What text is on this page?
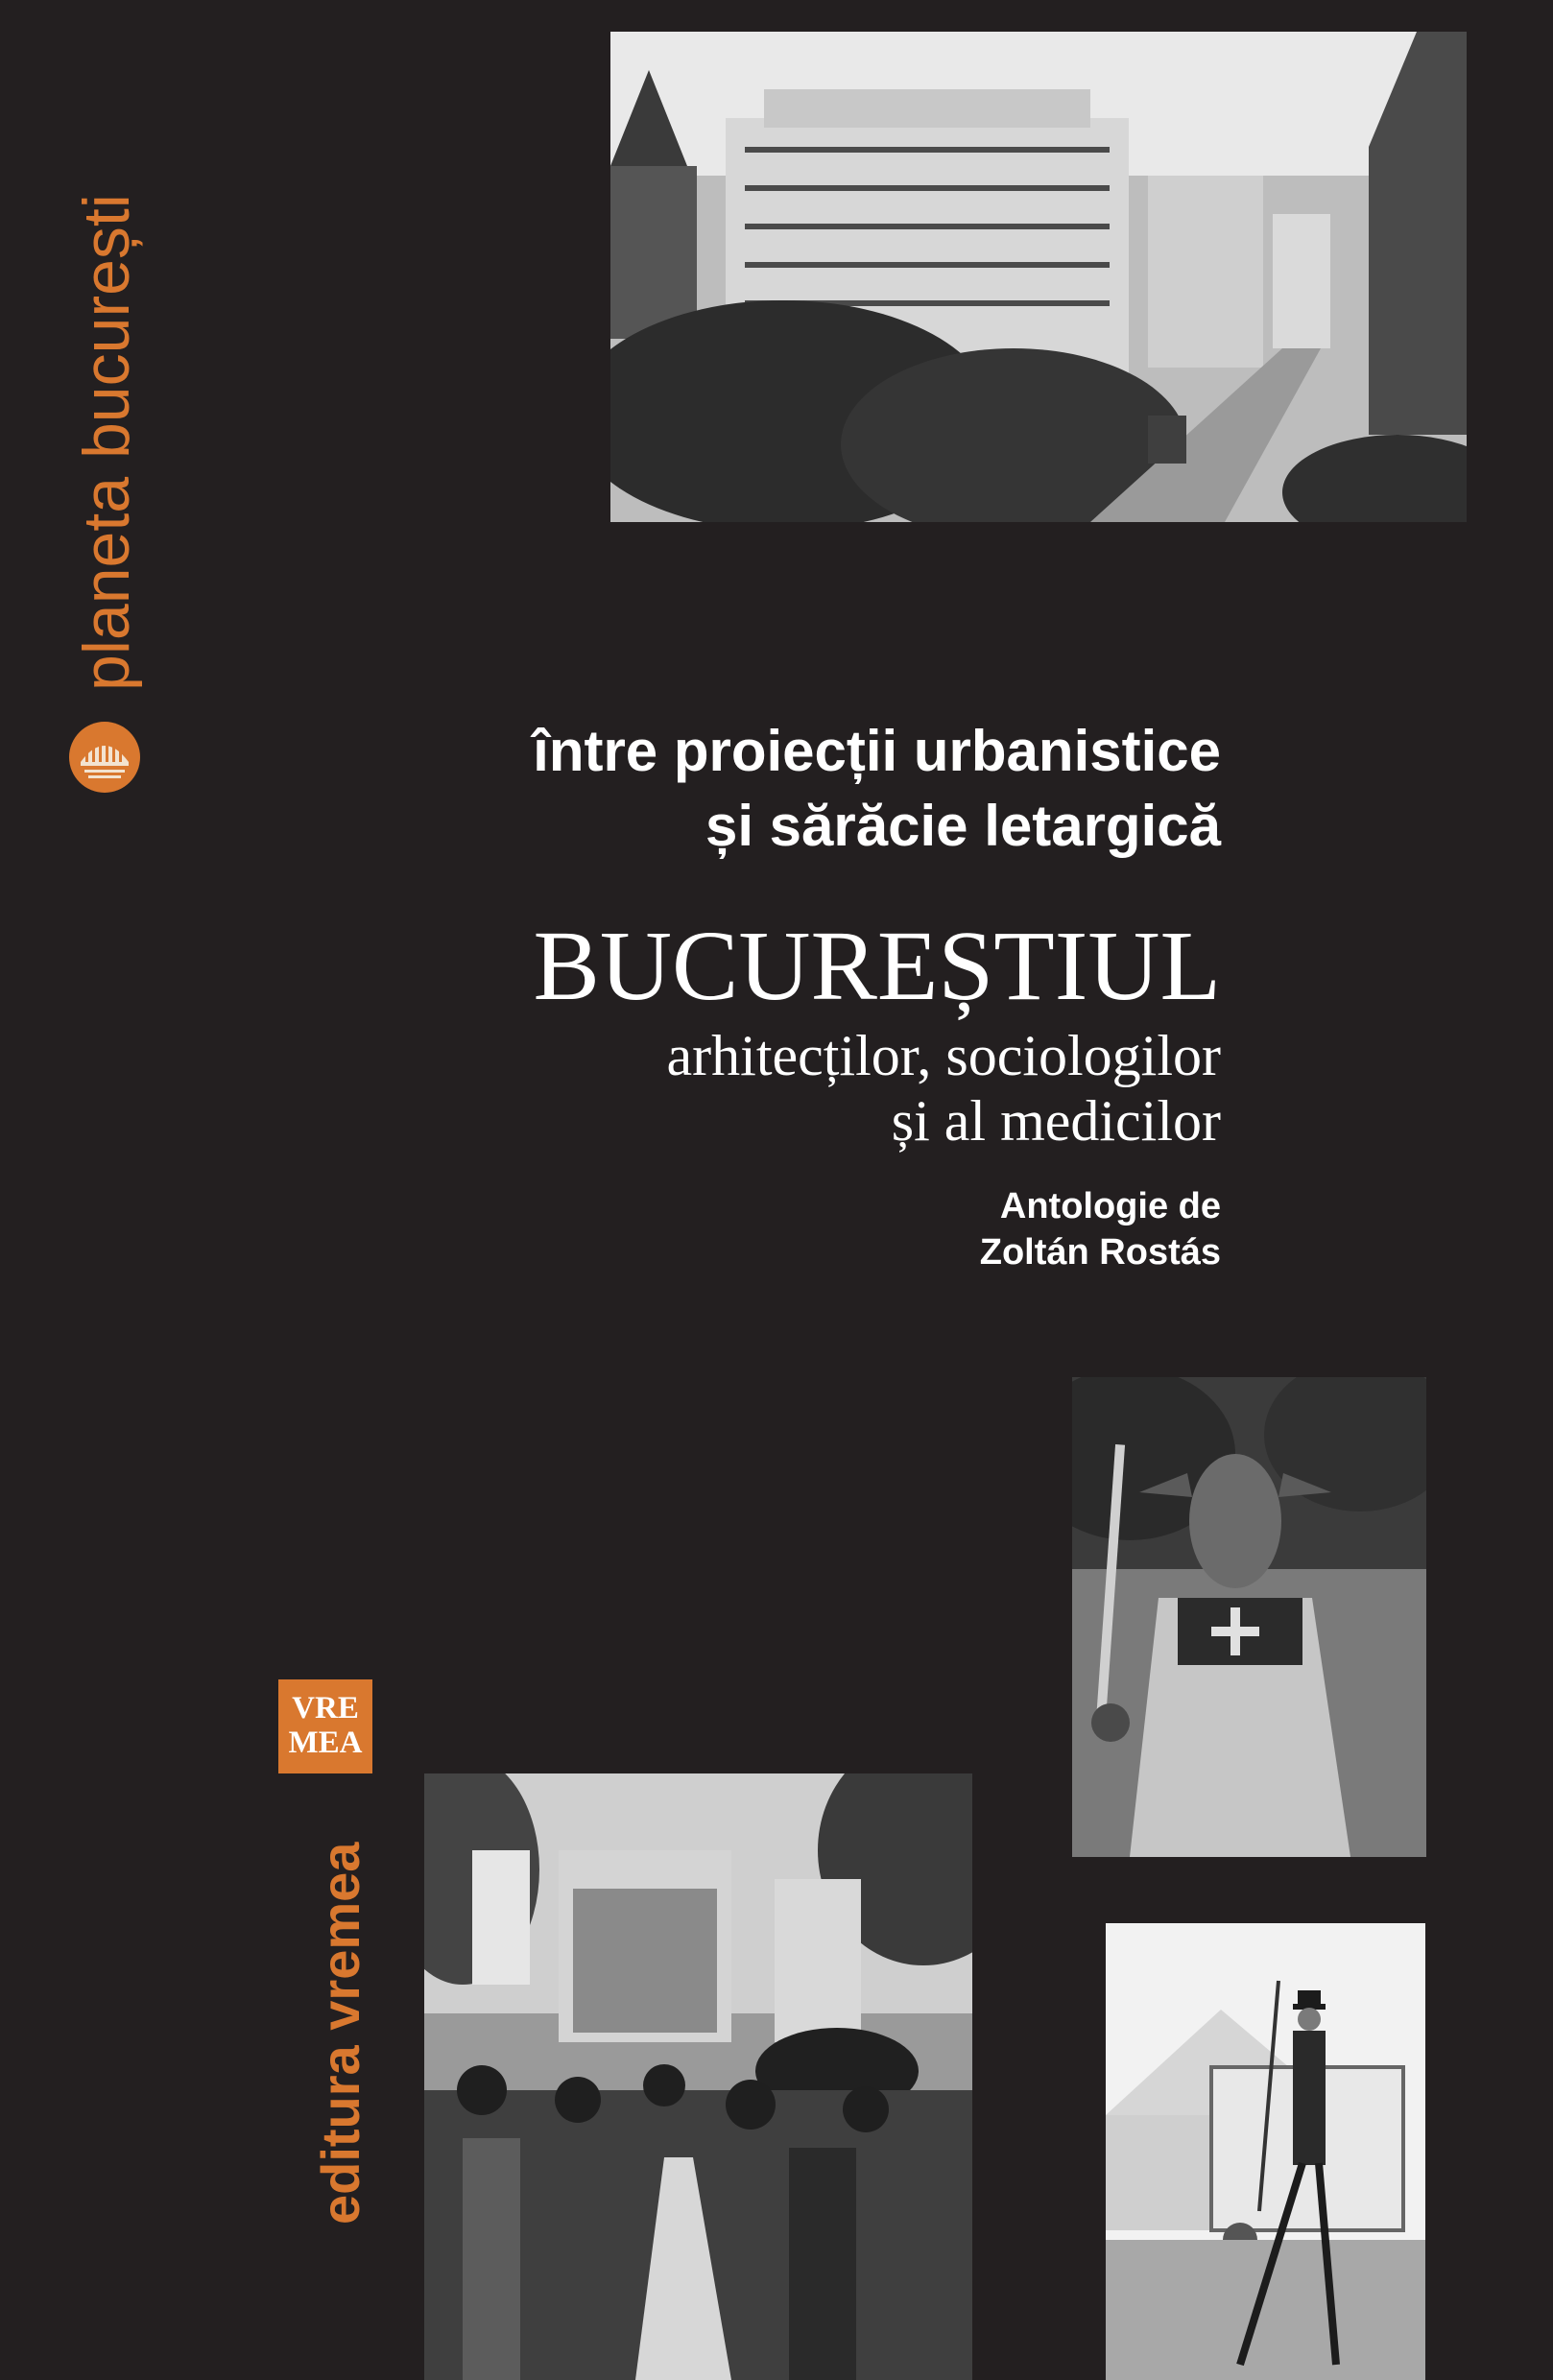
planeta bucurești
între proiecții urbanistice
și sărăcie letargică
BUCUREȘTIUL
arhitecților, sociologilor
și al medicilor
Antologie de
Zoltán Rostás
VRE
MEA
editura vremea
